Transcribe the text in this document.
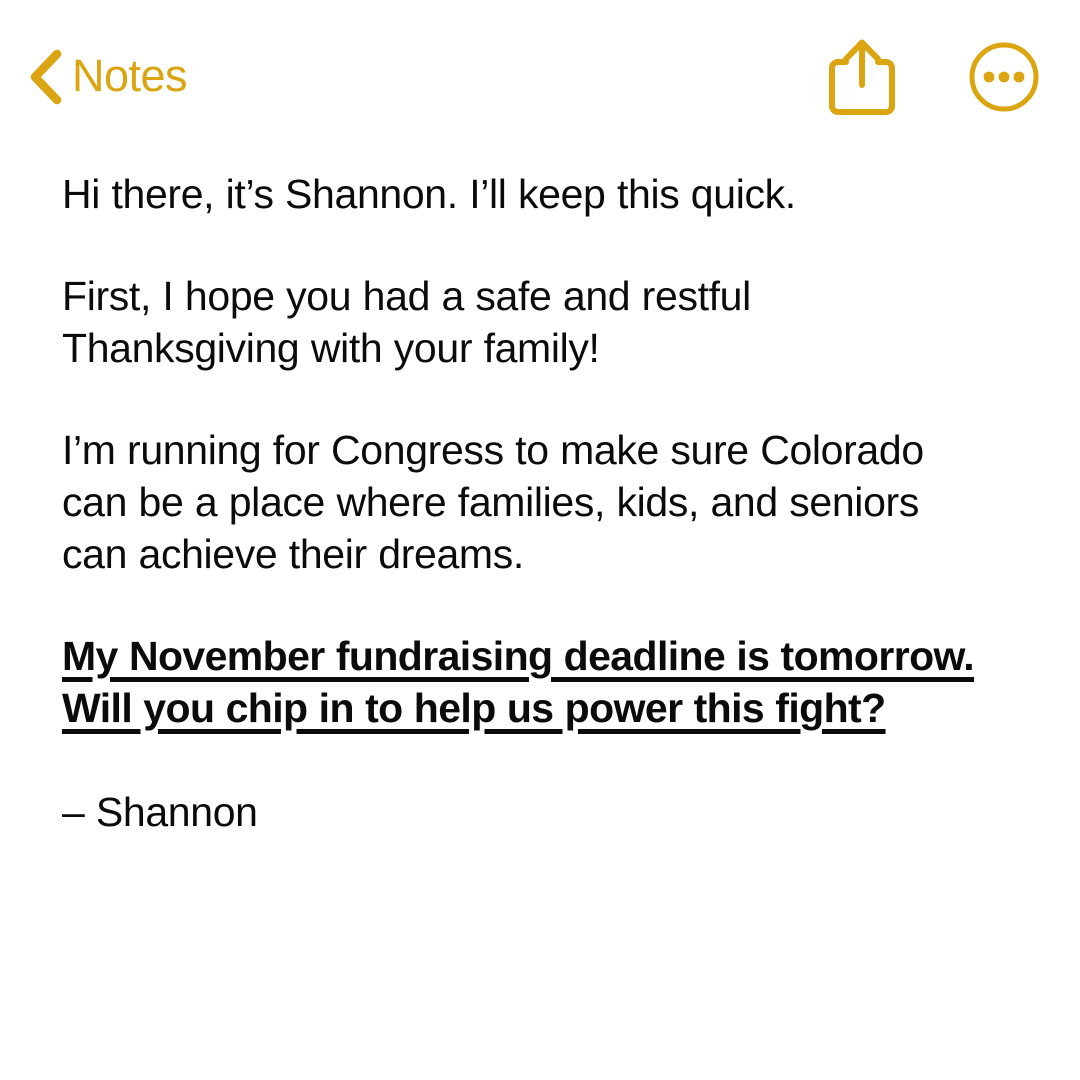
Notes

Hi there, it’s Shannon. I’ll keep this quick.

First, I hope you had a safe and restful Thanksgiving with your family!

I’m running for Congress to make sure Colorado can be a place where families, kids, and seniors can achieve their dreams.

My November fundraising deadline is tomorrow. Will you chip in to help us power this fight?

– Shannon
